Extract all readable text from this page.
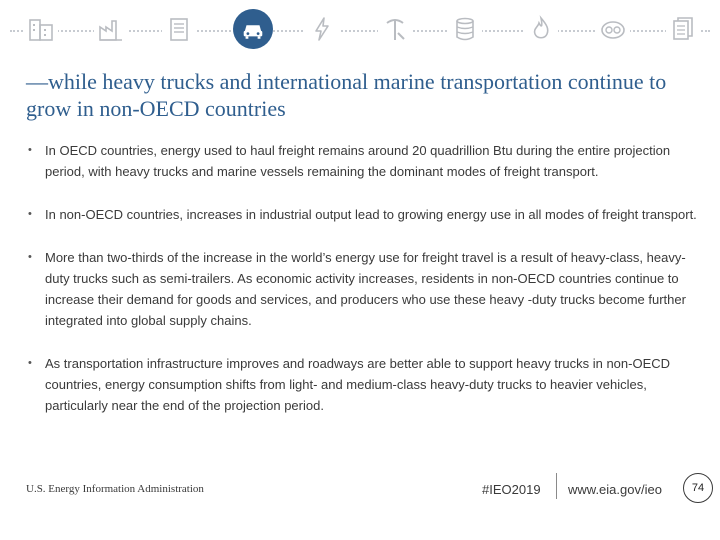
—while heavy trucks and international marine transportation continue to grow in non-OECD countries
• In OECD countries, energy used to haul freight remains around 20 quadrillion Btu during the entire projection period, with heavy trucks and marine vessels remaining the dominant modes of freight transport.
• In non-OECD countries, increases in industrial output lead to growing energy use in all modes of freight transport.
• More than two-thirds of the increase in the world’s energy use for freight travel is a result of heavy-class, heavy-duty trucks such as semi-trailers. As economic activity increases, residents in non-OECD countries continue to increase their demand for goods and services, and producers who use these heavy -duty trucks become further integrated into global supply chains.
• As transportation infrastructure improves and roadways are better able to support heavy trucks in non-OECD countries, energy consumption shifts from light- and medium-class heavy-duty trucks to heavier vehicles, particularly near the end of the projection period.
U.S. Energy Information Administration	#IEO2019 www.eia.gov/ieo	74
